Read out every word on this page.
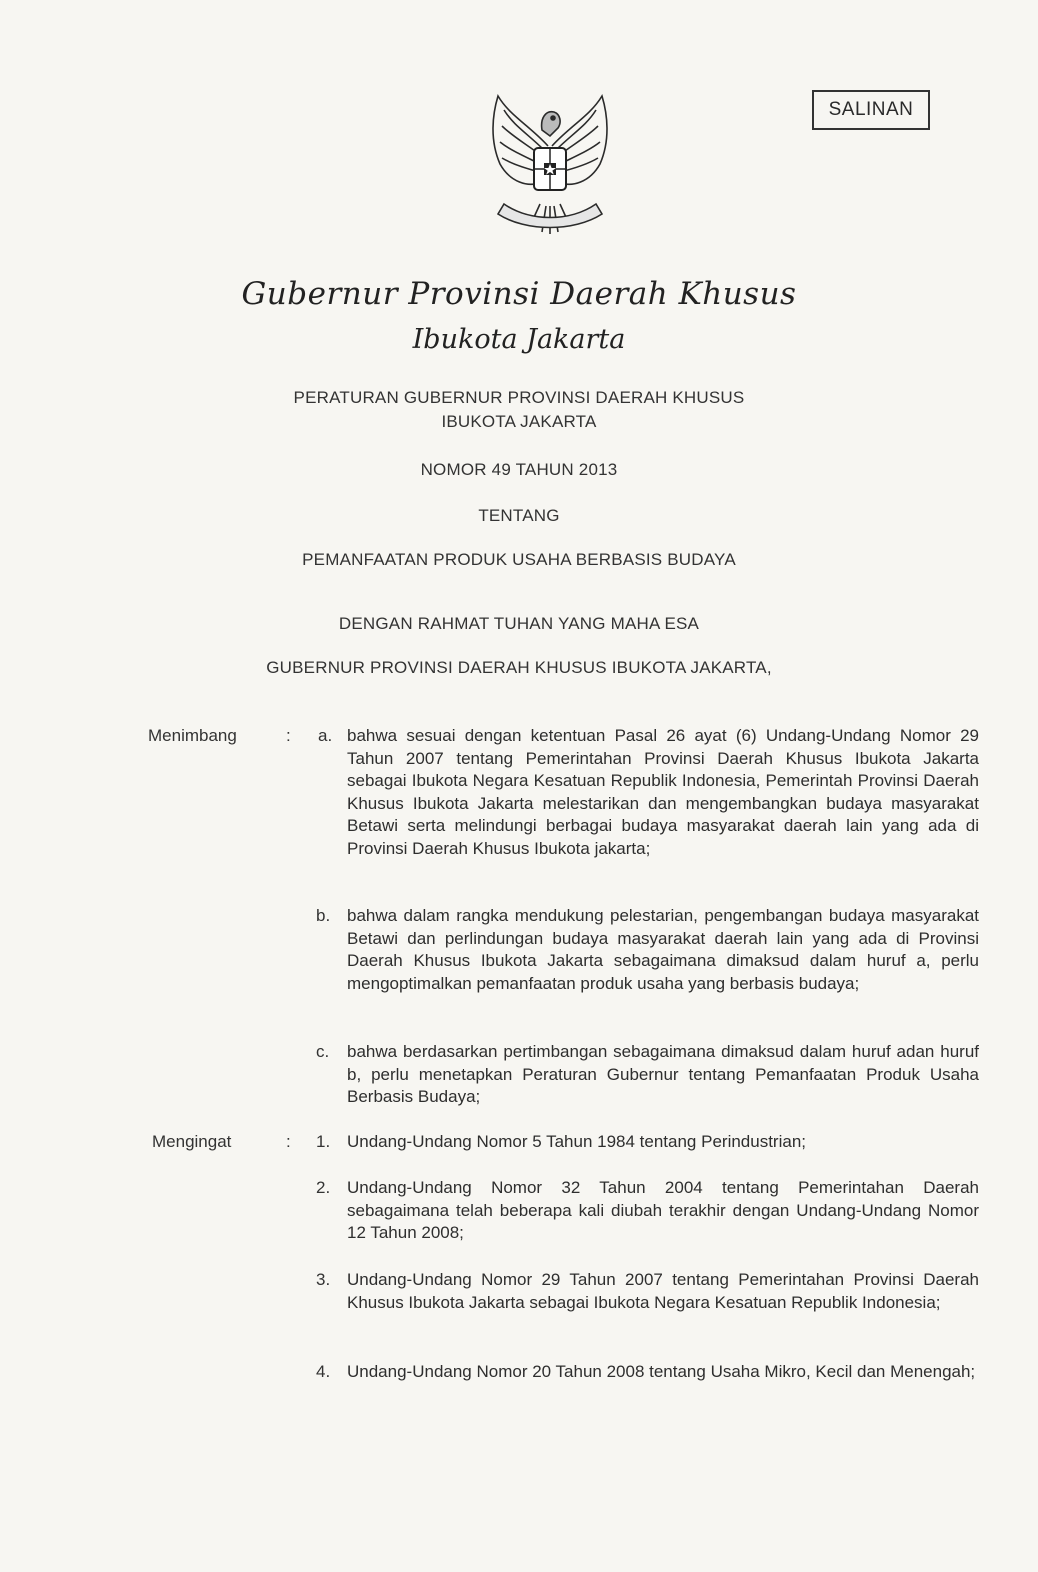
SALINAN
Gubernur Provinsi Daerah Khusus
Ibukota Jakarta
PERATURAN GUBERNUR PROVINSI DAERAH KHUSUS
IBUKOTA JAKARTA
NOMOR 49 TAHUN 2013
TENTANG
PEMANFAATAN PRODUK USAHA BERBASIS BUDAYA
DENGAN RAHMAT TUHAN YANG MAHA ESA
GUBERNUR PROVINSI DAERAH KHUSUS IBUKOTA JAKARTA,
Menimbang	: a. bahwa sesuai dengan ketentuan Pasal 26 ayat (6) Undang-Undang Nomor 29 Tahun 2007 tentang Pemerintahan Provinsi Daerah Khusus Ibukota Jakarta sebagai Ibukota Negara Kesatuan Republik Indonesia, Pemerintah Provinsi Daerah Khusus Ibukota Jakarta melestarikan dan mengembangkan budaya masyarakat Betawi serta melindungi berbagai budaya masyarakat daerah lain yang ada di Provinsi Daerah Khusus Ibukota jakarta;
b. bahwa dalam rangka mendukung pelestarian, pengembangan budaya masyarakat Betawi dan perlindungan budaya masyarakat daerah lain yang ada di Provinsi Daerah Khusus Ibukota Jakarta sebagaimana dimaksud dalam huruf a, perlu mengoptimalkan pemanfaatan produk usaha yang berbasis budaya;
c. bahwa berdasarkan pertimbangan sebagaimana dimaksud dalam huruf adan huruf b, perlu menetapkan Peraturan Gubernur tentang Pemanfaatan Produk Usaha Berbasis Budaya;
Mengingat	: 1. Undang-Undang Nomor 5 Tahun 1984 tentang Perindustrian;
2. Undang-Undang Nomor 32 Tahun 2004 tentang Pemerintahan Daerah sebagaimana telah beberapa kali diubah terakhir dengan Undang-Undang Nomor 12 Tahun 2008;
3. Undang-Undang Nomor 29 Tahun 2007 tentang Pemerintahan Provinsi Daerah Khusus Ibukota Jakarta sebagai Ibukota Negara Kesatuan Republik Indonesia;
4. Undang-Undang Nomor 20 Tahun 2008 tentang Usaha Mikro, Kecil dan Menengah;
